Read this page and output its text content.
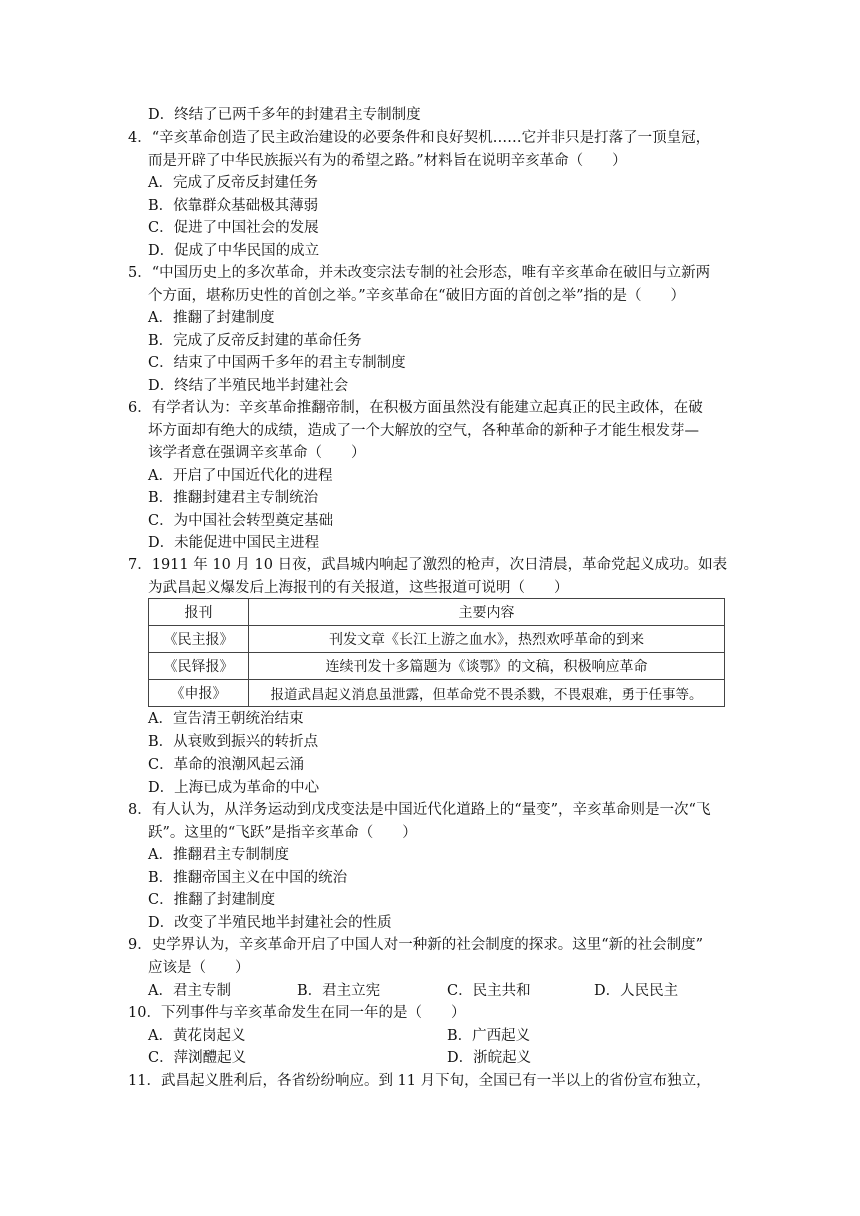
D．终结了已两千多年的封建君主专制制度
4．“辛亥革命创造了民主政治建设的必要条件和良好契机……它并非只是打落了一顶皇冠，
而是开辟了中华民族振兴有为的希望之路。”材料旨在说明辛亥革命（　　）
A．完成了反帝反封建任务
B．依靠群众基础极其薄弱
C．促进了中国社会的发展
D．促成了中华民国的成立
5．“中国历史上的多次革命，并未改变宗法专制的社会形态，唯有辛亥革命在破旧与立新两
个方面，堪称历史性的首创之举。”辛亥革命在“破旧方面的首创之举”指的是（　　）
A．推翻了封建制度
B．完成了反帝反封建的革命任务
C．结束了中国两千多年的君主专制制度
D．终结了半殖民地半封建社会
6．有学者认为：辛亥革命推翻帝制，在积极方面虽然没有能建立起真正的民主政体，在破
坏方面却有绝大的成绩，造成了一个大解放的空气，各种革命的新种子才能生根发芽—
该学者意在强调辛亥革命（　　）
A．开启了中国近代化的进程
B．推翻封建君主专制统治
C．为中国社会转型奠定基础
D．未能促进中国民主进程
7．1911 年 10 月 10 日夜，武昌城内响起了激烈的枪声，次日清晨，革命党起义成功。如表
为武昌起义爆发后上海报刊的有关报道，这些报道可说明（　　）
报刊	主要内容
《民主报》	刊发文章《长江上游之血水》，热烈欢呼革命的到来
《民铎报》	连续刊发十多篇题为《谈鄂》的文稿，积极响应革命
《申报》	报道武昌起义消息虽泄露，但革命党不畏杀戮，不畏艰难，勇于任事等。
A．宣告清王朝统治结束
B．从衰败到振兴的转折点
C．革命的浪潮风起云涌
D．上海已成为革命的中心
8．有人认为，从洋务运动到戊戌变法是中国近代化道路上的“量变”，辛亥革命则是一次“飞
跃”。这里的“飞跃”是指辛亥革命（　　）
A．推翻君主专制制度
B．推翻帝国主义在中国的统治
C．推翻了封建制度
D．改变了半殖民地半封建社会的性质
9．史学界认为，辛亥革命开启了中国人对一种新的社会制度的探求。这里“新的社会制度”
应该是（　　）
A．君主专制	B．君主立宪	C．民主共和	D．人民民主
10．下列事件与辛亥革命发生在同一年的是（　　）
A．黄花岗起义	B．广西起义
C．萍浏醴起义	D．浙皖起义
11．武昌起义胜利后，各省纷纷响应。到 11 月下旬，全国已有一半以上的省份宣布独立，
